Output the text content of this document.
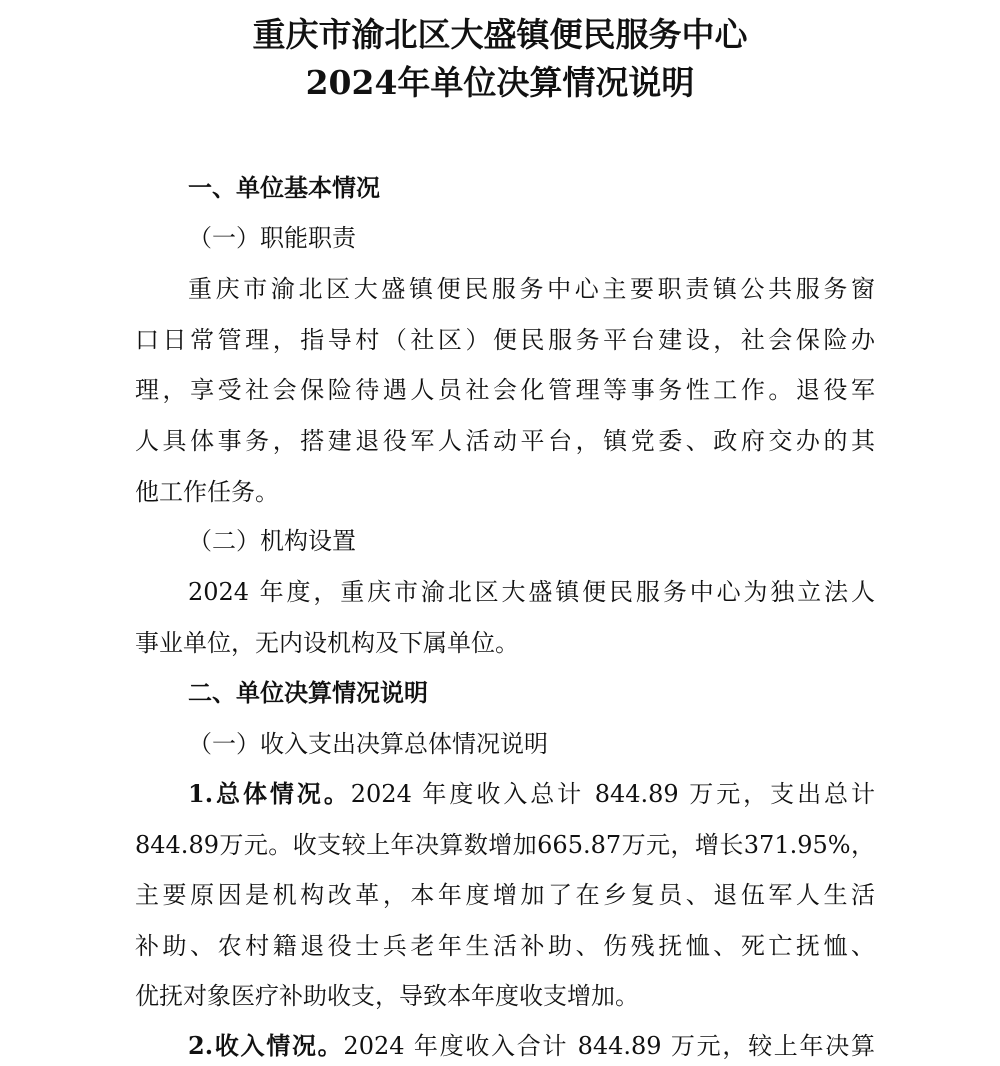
重庆市渝北区大盛镇便民服务中心
2024年单位决算情况说明
一、单位基本情况
（一）职能职责
重庆市渝北区大盛镇便民服务中心主要职责镇公共服务窗
口日常管理，指导村（社区）便民服务平台建设，社会保险办
理，享受社会保险待遇人员社会化管理等事务性工作。退役军
人具体事务，搭建退役军人活动平台，镇党委、政府交办的其
他工作任务。
（二）机构设置
2024 年度，重庆市渝北区大盛镇便民服务中心为独立法人
事业单位，无内设机构及下属单位。
二、单位决算情况说明
（一）收入支出决算总体情况说明
1.总体情况。2024 年度收入总计 844.89 万元，支出总计
844.89万元。收支较上年决算数增加665.87万元，增长371.95%，
主要原因是机构改革，本年度增加了在乡复员、退伍军人生活
补助、农村籍退役士兵老年生活补助、伤残抚恤、死亡抚恤、
优抚对象医疗补助收支，导致本年度收支增加。
2.收入情况。2024 年度收入合计 844.89 万元，较上年决算
